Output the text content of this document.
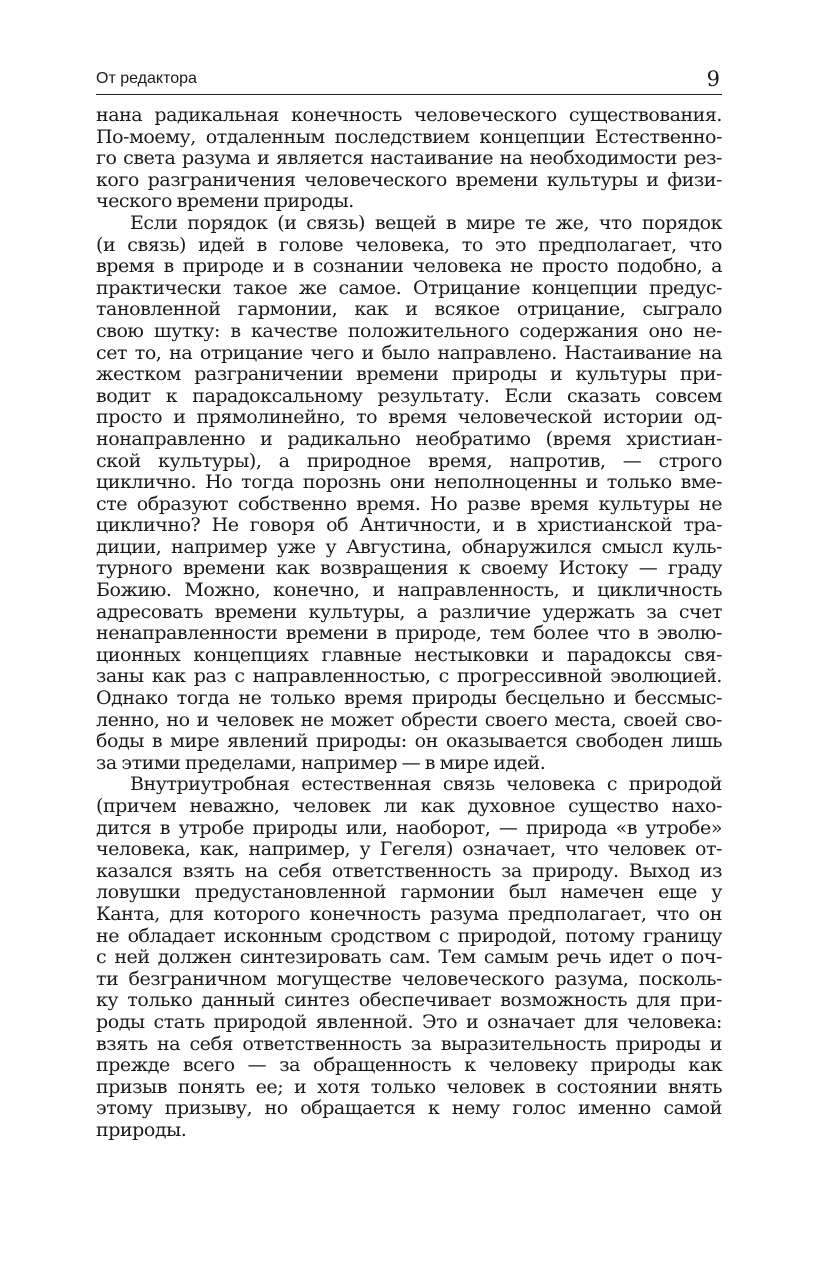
От редактора	9
нана радикальная конечность человеческого существования.
По-моему, отдаленным последствием концепции Естественно-
го света разума и является настаивание на необходимости рез-
кого разграничения человеческого времени культуры и физи-
ческого времени природы.
Если порядок (и связь) вещей в мире те же, что порядок
(и связь) идей в голове человека, то это предполагает, что
время в природе и в сознании человека не просто подобно, а
практически такое же самое. Отрицание концепции предус-
тановленной гармонии, как и всякое отрицание, сыграло
свою шутку: в качестве положительного содержания оно не-
сет то, на отрицание чего и было направлено. Настаивание на
жестком разграничении времени природы и культуры при-
водит к парадоксальному результату. Если сказать совсем
просто и прямолинейно, то время человеческой истории од-
нонаправленно и радикально необратимо (время христиан-
ской культуры), а природное время, напротив, — строго
циклично. Но тогда порознь они неполноценны и только вме-
сте образуют собственно время. Но разве время культуры не
циклично? Не говоря об Античности, и в христианской тра-
диции, например уже у Августина, обнаружился смысл куль-
турного времени как возвращения к своему Истоку — граду
Божию. Можно, конечно, и направленность, и цикличность
адресовать времени культуры, а различие удержать за счет
ненаправленности времени в природе, тем более что в эволю-
ционных концепциях главные нестыковки и парадоксы свя-
заны как раз с направленностью, с прогрессивной эволюцией.
Однако тогда не только время природы бесцельно и бессмыс-
ленно, но и человек не может обрести своего места, своей сво-
боды в мире явлений природы: он оказывается свободен лишь
за этими пределами, например — в мире идей.
Внутриутробная естественная связь человека с природой
(причем неважно, человек ли как духовное существо нахо-
дится в утробе природы или, наоборот, — природа «в утробе»
человека, как, например, у Гегеля) означает, что человек от-
казался взять на себя ответственность за природу. Выход из
ловушки предустановленной гармонии был намечен еще у
Канта, для которого конечность разума предполагает, что он
не обладает исконным сродством с природой, потому границу
с ней должен синтезировать сам. Тем самым речь идет о поч-
ти безграничном могуществе человеческого разума, посколь-
ку только данный синтез обеспечивает возможность для при-
роды стать природой явленной. Это и означает для человека:
взять на себя ответственность за выразительность природы и
прежде всего — за обращенность к человеку природы как
призыв понять ее; и хотя только человек в состоянии внять
этому призыву, но обращается к нему голос именно самой
природы.
